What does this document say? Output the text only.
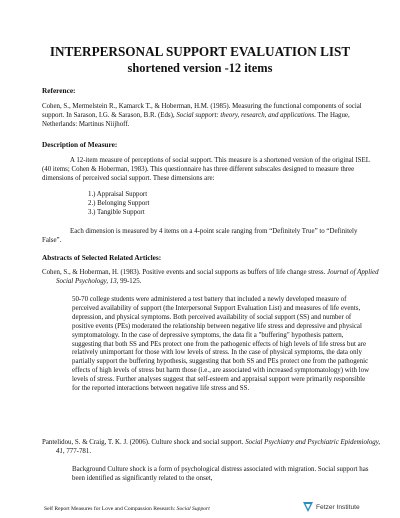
INTERPERSONAL SUPPORT EVALUATION LIST
shortened version -12 items
Reference:

Cohen, S., Mermelstein R., Kamarck T., & Hoberman, H.M. (1985). Measuring the functional components of social support. In Sarason, I.G. & Sarason, B.R. (Eds), Social support: theory, research, and applications. The Hague, Netherlands: Martinus Niijhoff.

Description of Measure:

A 12-item measure of perceptions of social support. This measure is a shortened version of the original ISEL (40 items; Cohen & Hoberman, 1983). This questionnaire has three different subscales designed to measure three dimensions of perceived social support. These dimensions are:

1.) Appraisal Support
2.) Belonging Support
3.) Tangible Support

Each dimension is measured by 4 items on a 4-point scale ranging from “Definitely True” to “Definitely False”.

Abstracts of Selected Related Articles:

Cohen, S., & Hoberman, H. (1983). Positive events and social supports as buffers of life change stress. Journal of Applied Social Psychology, 13, 99-125.

50-70 college students were administered a test battery that included a newly developed measure of perceived availability of support (the Interpersonal Support Evaluation List) and measures of life events, depression, and physical symptoms. Both perceived availability of social support (SS) and number of positive events (PEs) moderated the relationship between negative life stress and depressive and physical symptomatology. In the case of depressive symptoms, the data fit a "buffering" hypothesis pattern, suggesting that both SS and PEs protect one from the pathogenic effects of high levels of life stress but are relatively unimportant for those with low levels of stress. In the case of physical symptoms, the data only partially support the buffering hypothesis, suggesting that both SS and PEs protect one from the pathogenic effects of high levels of stress but harm those (i.e., are associated with increased symptomatology) with low levels of stress. Further analyses suggest that self-esteem and appraisal support were primarily responsible for the reported interactions between negative life stress and SS.

Pantelidou, S. & Craig, T. K. J. (2006). Culture shock and social support. Social Psychiatry and Psychiatric Epidemiology, 41, 777-781.

Background Culture shock is a form of psychological distress associated with migration. Social support has been identified as significantly related to the onset,

Self Report Measures for Love and Compassion Research: Social Support	Fetzer Institute
